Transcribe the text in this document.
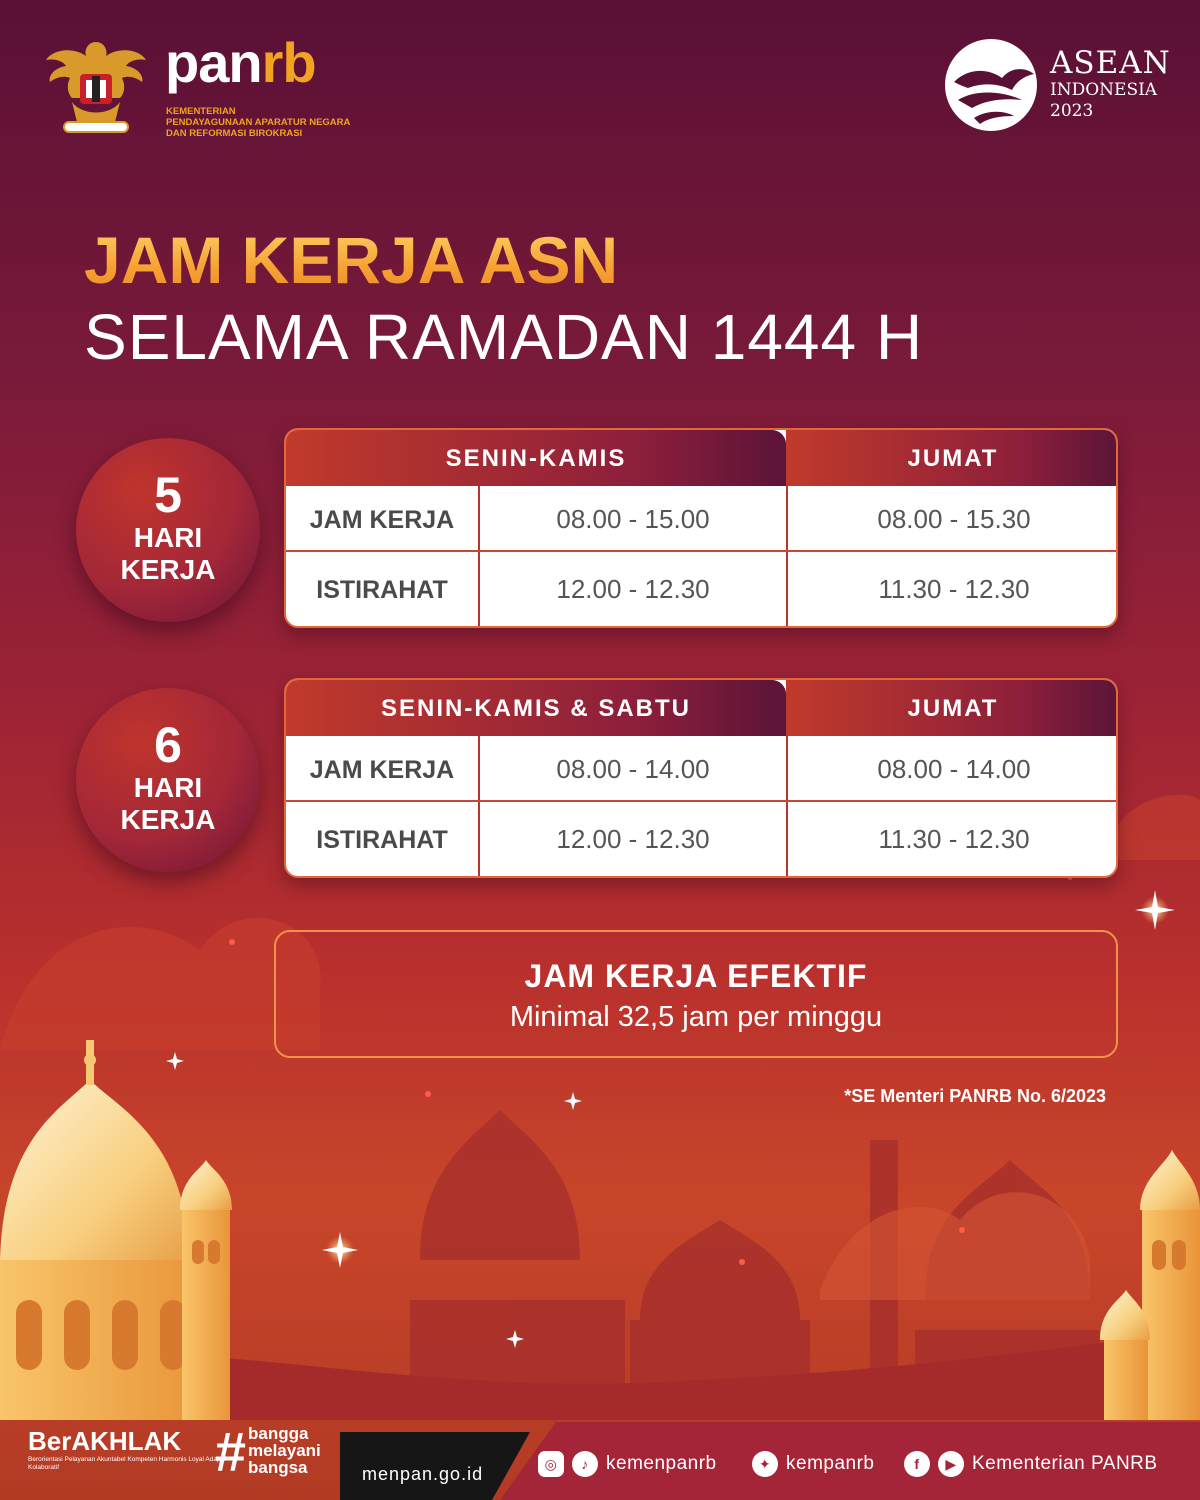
panrb
KEMENTERIAN
PENDAYAGUNAAN APARATUR NEGARA
DAN REFORMASI BIROKRASI
ASEAN
INDONESIA
2023
JAM KERJA ASN
SELAMA RAMADAN 1444 H
5
HARI
KERJA
SENIN-KAMIS	JUMAT
JAM KERJA	08.00 - 15.00	08.00 - 15.30
ISTIRAHAT	12.00 - 12.30	11.30 - 12.30
6
HARI
KERJA
SENIN-KAMIS & SABTU	JUMAT
JAM KERJA	08.00 - 14.00	08.00 - 14.00
ISTIRAHAT	12.00 - 12.30	11.30 - 12.30
JAM KERJA EFEKTIF
Minimal 32,5 jam per minggu
*SE Menteri PANRB No. 6/2023
BerAKHLAK
Berorientasi Pelayanan Akuntabel Kompeten Harmonis Loyal Adaptif Kolaboratif	# bangga
melayani
bangsa	menpan.go.id
◎	♪ kemenpanrb	✦ kempanrb	f	▶ Kementerian PANRB
